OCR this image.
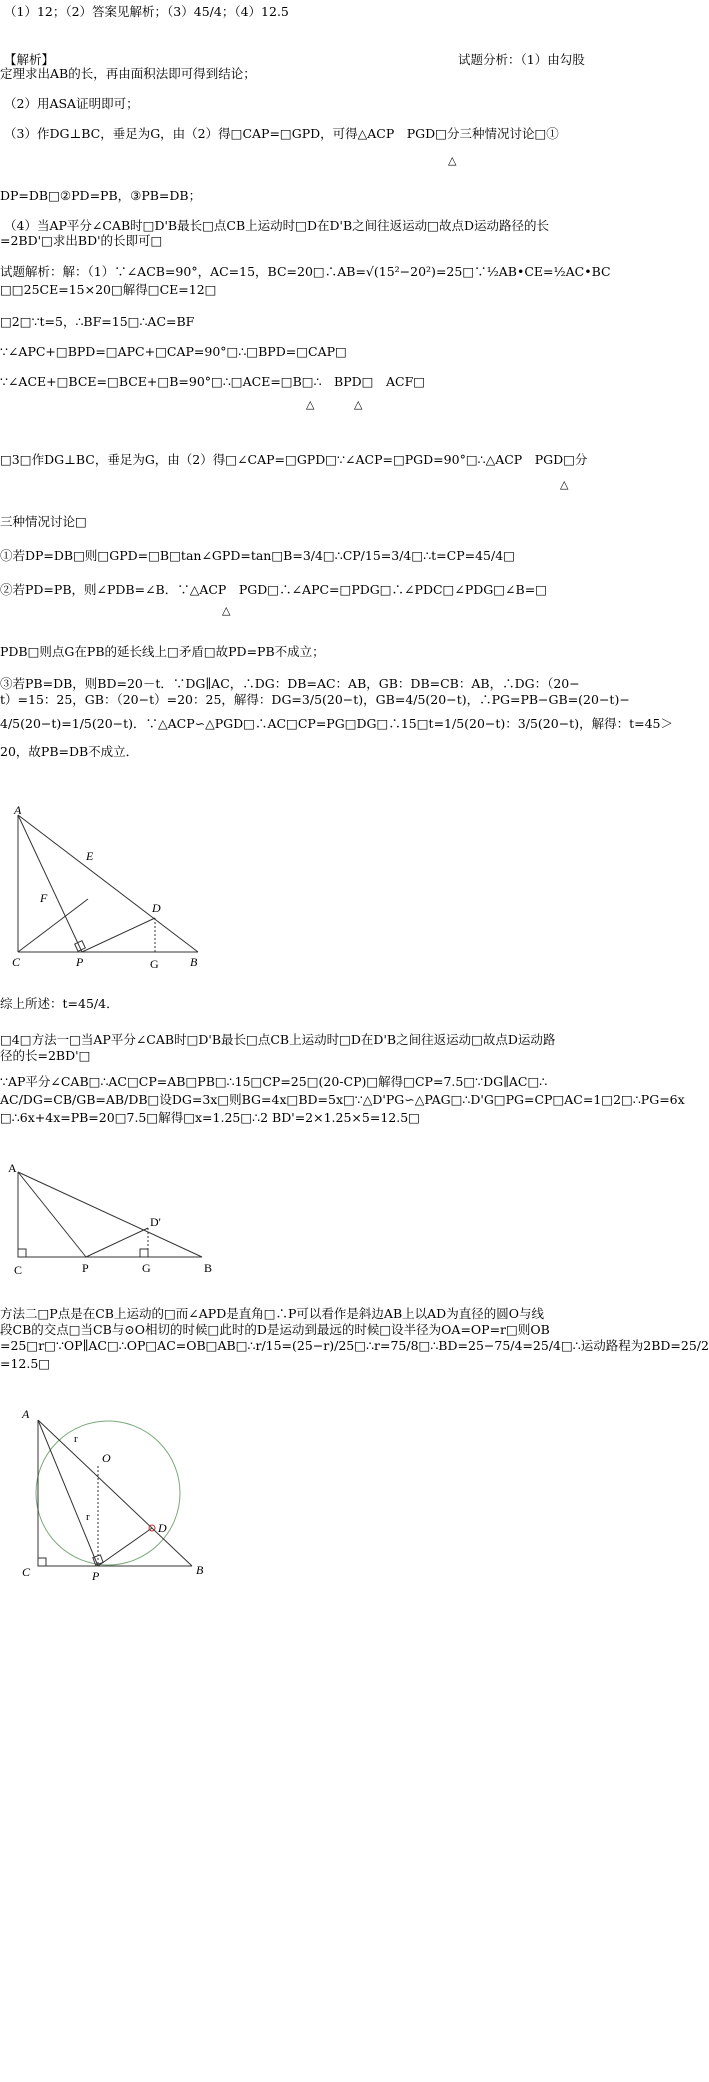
（1）12；（2）答案见解析；（3）45/4；（4）12.5
【解析】	试题分析：（1）由勾股
定理求出AB的长，再由面积法即可得到结论；
（2）用ASA证明即可；
（3）作DG⊥BC，垂足为G，由（2）得□CAP=□GPD，可得△ACP　PGD□分三种情况讨论□①
△
DP=DB□②PD=PB，③PB=DB；
（4）当AP平分∠CAB时□D'B最长□点CB上运动时□D在D'B之间往返运动□故点D运动路径的长
=2BD'□求出BD'的长即可□
试题解析：解：（1）∵∠ACB=90°，AC=15，BC=20□∴AB=√(15²−20²)=25□∵½AB•CE=½AC•BC
□□25CE=15×20□解得□CE=12□
□2□∵t=5，∴BF=15□∴AC=BF
∵∠APC+□BPD=□APC+□CAP=90°□∴□BPD=□CAP□
∵∠ACE+□BCE=□BCE+□B=90°□∴□ACE=□B□∴　BPD□　ACF□
△	△
□3□作DG⊥BC，垂足为G，由（2）得□∠CAP=□GPD□∵∠ACP=□PGD=90°□∴△ACP　PGD□分
△
三种情况讨论□
①若DP=DB□则□GPD=□B□tan∠GPD=tan□B=3/4□∴CP/15=3/4□∴t=CP=45/4□
②若PD=PB，则∠PDB=∠B．∵△ACP　PGD□∴∠APC=□PDG□∴∠PDC□∠PDG□∠B=□
△
PDB□则点G在PB的延长线上□矛盾□故PD=PB不成立；
③若PB=DB，则BD=20－t．∵DG∥AC，∴DG：DB=AC：AB，GB：DB=CB：AB，∴DG：（20−
t）=15：25，GB：（20−t）=20：25，解得：DG=3/5(20−t)，GB=4/5(20−t)，∴PG=PB−GB=(20−t)−
4/5(20−t)=1/5(20−t)．∵△ACP∽△PGD□∴AC□CP=PG□DG□∴15□t=1/5(20−t)：3/5(20−t)，解得：t=45＞
20，故PB=DB不成立．
A
E
F
D
C	P	G	B
综上所述：t=45/4．
□4□方法一□当AP平分∠CAB时□D'B最长□点CB上运动时□D在D'B之间往返运动□故点D运动路
径的长=2BD'□
∵AP平分∠CAB□∴AC□CP=AB□PB□∴15□CP=25□(20-CP)□解得□CP=7.5□∵DG∥AC□∴
AC/DG=CB/GB=AB/DB□设DG=3x□则BG=4x□BD=5x□∵△D'PG∽△PAG□∴D'G□PG=CP□AC=1□2□∴PG=6x
□∴6x+4x=PB=20□7.5□解得□x=1.25□∴2 BD'=2×1.25×5=12.5□
A
D'
C	P	G	B
方法二□P点是在CB上运动的□而∠APD是直角□∴P可以看作是斜边AB上以AD为直径的圆O与线
段CB的交点□当CB与⊙O相切的时候□此时的D是运动到最远的时候□设半径为OA=OP=r□则OB
=25□r□∵OP∥AC□∴OP□AC=OB□AB□∴r/15=(25−r)/25□∴r=75/8□∴BD=25−75/4=25/4□∴运动路程为2BD=25/2
=12.5□
A
r
O
r
D
C	P	B
